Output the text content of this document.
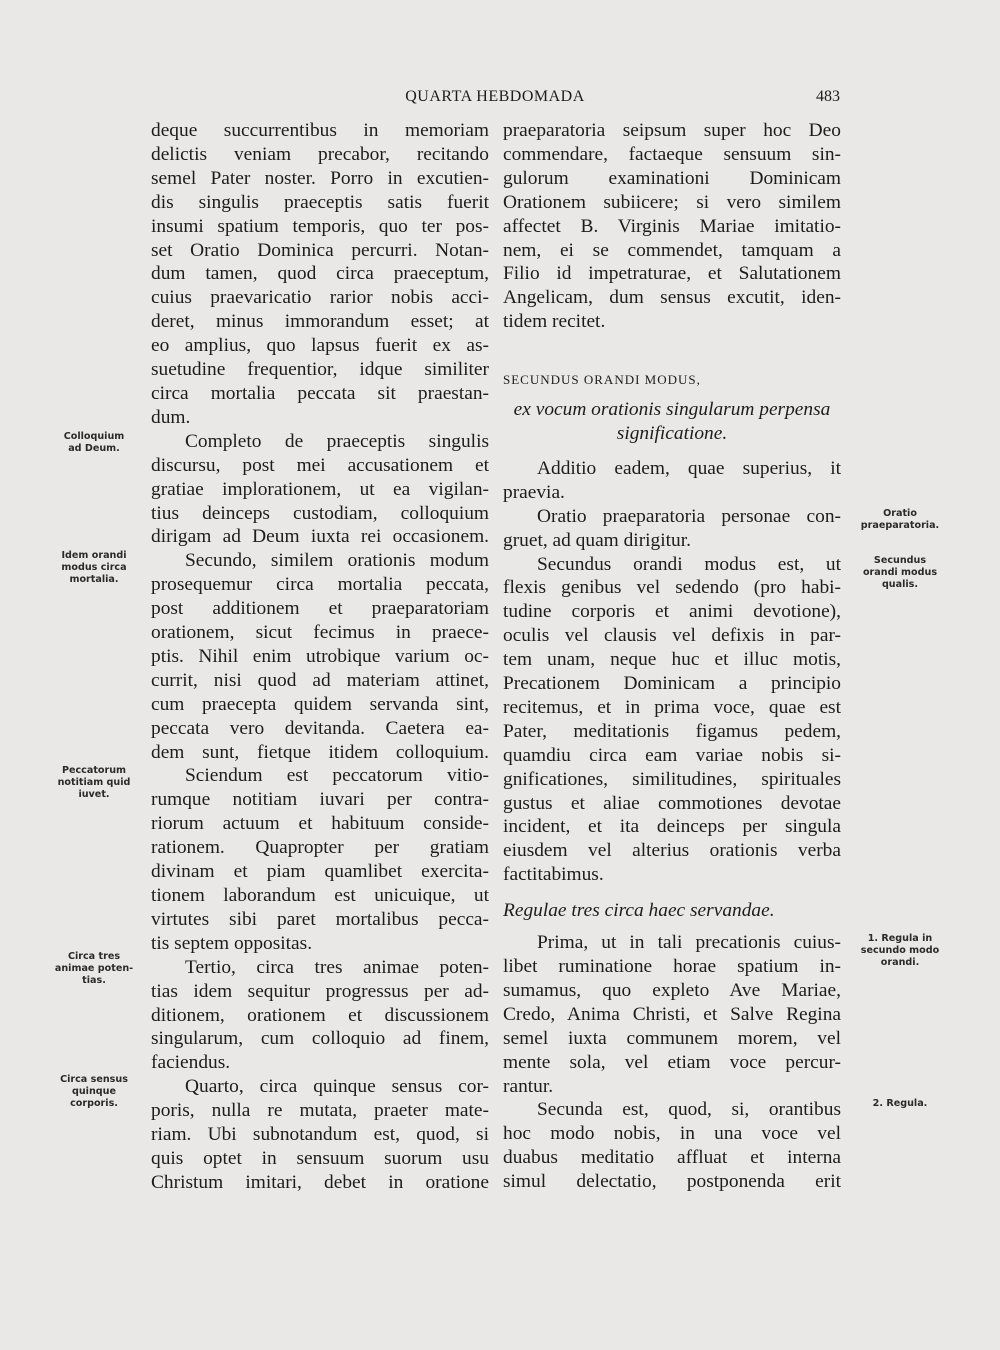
QUARTA HEBDOMADA	483
deque succurrentibus in memoriam
delictis veniam precabor, recitando
semel Pater noster. Porro in excutien-
dis singulis praeceptis satis fuerit
insumi spatium temporis, quo ter pos-
set Oratio Dominica percurri. Notan-
dum tamen, quod circa praeceptum,
cuius praevaricatio rarior nobis acci-
deret, minus immorandum esset; at
eo amplius, quo lapsus fuerit ex as-
suetudine frequentior, idque similiter
circa mortalia peccata sit praestan-
dum.
Completo de praeceptis singulis
discursu, post mei accusationem et
gratiae implorationem, ut ea vigilan-
tius deinceps custodiam, colloquium
dirigam ad Deum iuxta rei occasionem.
Secundo, similem orationis modum
prosequemur circa mortalia peccata,
post additionem et praeparatoriam
orationem, sicut fecimus in praece-
ptis. Nihil enim utrobique varium oc-
currit, nisi quod ad materiam attinet,
cum praecepta quidem servanda sint,
peccata vero devitanda. Caetera ea-
dem sunt, fietque itidem colloquium.
Sciendum est peccatorum vitio-
rumque notitiam iuvari per contra-
riorum actuum et habituum conside-
rationem. Quapropter per gratiam
divinam et piam quamlibet exercita-
tionem laborandum est unicuique, ut
virtutes sibi paret mortalibus pecca-
tis septem oppositas.
Tertio, circa tres animae poten-
tias idem sequitur progressus per ad-
ditionem, orationem et discussionem
singularum, cum colloquio ad finem,
faciendus.
Quarto, circa quinque sensus cor-
poris, nulla re mutata, praeter mate-
riam. Ubi subnotandum est, quod, si
quis optet in sensuum suorum usu
Christum imitari, debet in oratione
praeparatoria seipsum super hoc Deo
commendare, factaeque sensuum sin-
gulorum examinationi Dominicam
Orationem subiicere; si vero similem
affectet B. Virginis Mariae imitatio-
nem, ei se commendet, tamquam a
Filio id impetraturae, et Salutationem
Angelicam, dum sensus excutit, iden-
tidem recitet.

SECUNDUS ORANDI MODUS,

ex vocum orationis singularum perpensa
significatione.
Additio eadem, quae superius, it
praevia.
Oratio praeparatoria personae con-
gruet, ad quam dirigitur.
Secundus orandi modus est, ut
flexis genibus vel sedendo (pro habi-
tudine corporis et animi devotione),
oculis vel clausis vel defixis in par-
tem unam, neque huc et illuc motis,
Precationem Dominicam a principio
recitemus, et in prima voce, quae est
Pater, meditationis figamus pedem,
quamdiu circa eam variae nobis si-
gnificationes, similitudines, spirituales
gustus et aliae commotiones devotae
incident, et ita deinceps per singula
eiusdem vel alterius orationis verba
factitabimus.

Regulae tres circa haec servandae.

Prima, ut in tali precationis cuius-
libet ruminatione horae spatium in-
sumamus, quo expleto Ave Mariae,
Credo, Anima Christi, et Salve Regina
semel iuxta communem morem, vel
mente sola, vel etiam voce percur-
rantur.
Secunda est, quod, si, orantibus
hoc modo nobis, in una voce vel
duabus meditatio affluat et interna
simul delectatio, postponenda erit
Colloquium
ad Deum.
Idem orandi
modus circa
mortalia.
Peccatorum
notitiam quid
iuvet.
Circa tres
animae poten-
tias.
Circa sensus
quinque
corporis.
Oratio
praeparatoria.
Secundus
orandi modus
qualis.
1. Regula in
secundo modo
orandi.
2. Regula.
